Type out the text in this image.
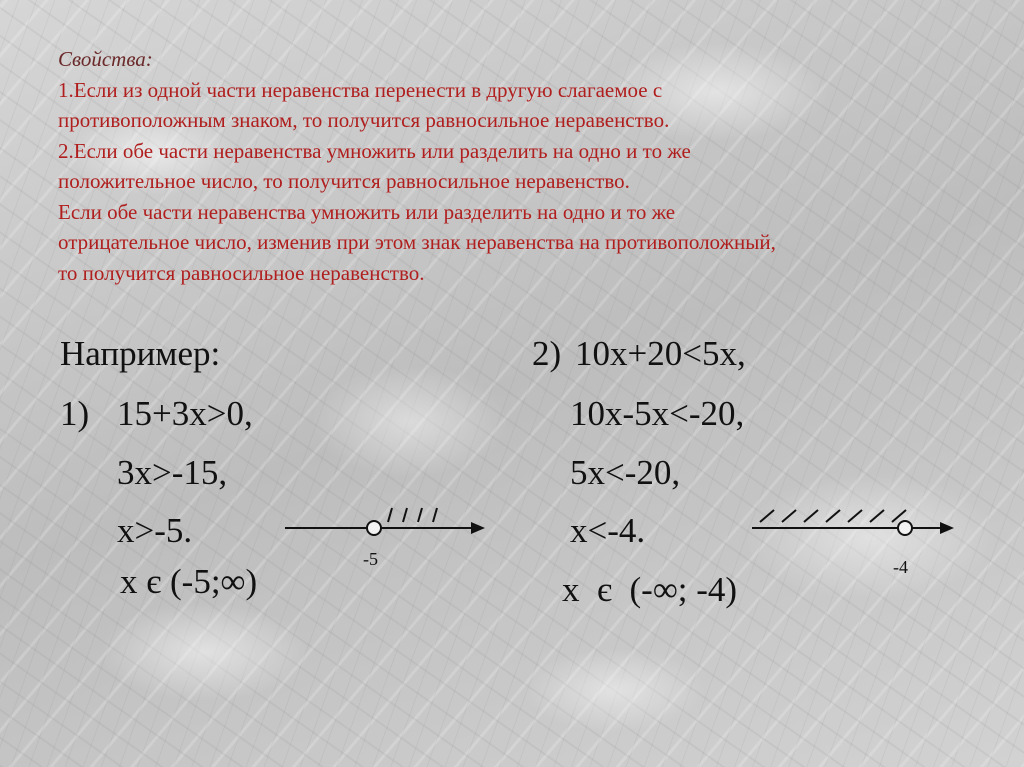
Свойства:
1.Если из одной части неравенства перенести в другую слагаемое с
противоположным знаком, то получится равносильное неравенство.
2.Если обе части неравенства умножить или разделить на одно и то же
положительное число, то получится равносильное неравенство.
Если обе части неравенства умножить или разделить на одно и то же
отрицательное число, изменив при этом знак неравенства на противоположный,
то получится равносильное неравенство.
Например:
1) 15+3x>0,
3x>-15,
x>-5.
x є (-5;∞)
-5
2) 10x+20<5x,
10x-5x<-20,
5x<-20,
x<-4.
x  є  (-∞; -4)
-4
